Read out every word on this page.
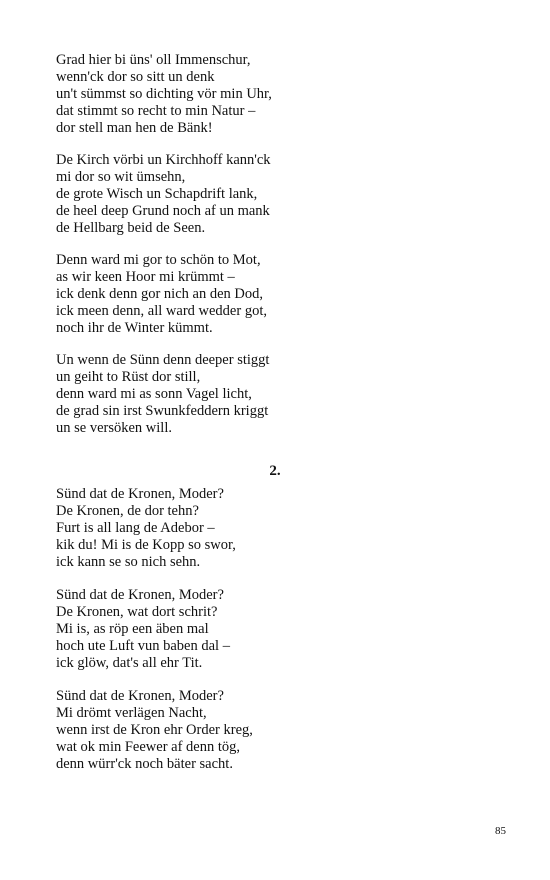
Grad hier bi üns' oll Immenschur,
wenn'ck dor so sitt un denk
un't sümmst so dichting vör min Uhr,
dat stimmt so recht to min Natur –
dor stell man hen de Bänk!
De Kirch vörbi un Kirchhoff kann'ck
mi dor so wit ümsehn,
de grote Wisch un Schapdrift lank,
de heel deep Grund noch af un mank
de Hellbarg beid de Seen.
Denn ward mi gor to schön to Mot,
as wir keen Hoor mi krümmt –
ick denk denn gor nich an den Dod,
ick meen denn, all ward wedder got,
noch ihr de Winter kümmt.
Un wenn de Sünn denn deeper stiggt
un geiht to Rüst dor still,
denn ward mi as sonn Vagel licht,
de grad sin irst Swunkfeddern kriggt
un se versöken will.
2.
Sünd dat de Kronen, Moder?
De Kronen, de dor tehn?
Furt is all lang de Adebor –
kik du! Mi is de Kopp so swor,
ick kann se so nich sehn.
Sünd dat de Kronen, Moder?
De Kronen, wat dort schrit?
Mi is, as röp een äben mal
hoch ute Luft vun baben dal –
ick glöw, dat's all ehr Tit.
Sünd dat de Kronen, Moder?
Mi drömt verlägen Nacht,
wenn irst de Kron ehr Order kreg,
wat ok min Feewer af denn tög,
denn würr'ck noch bäter sacht.
85
